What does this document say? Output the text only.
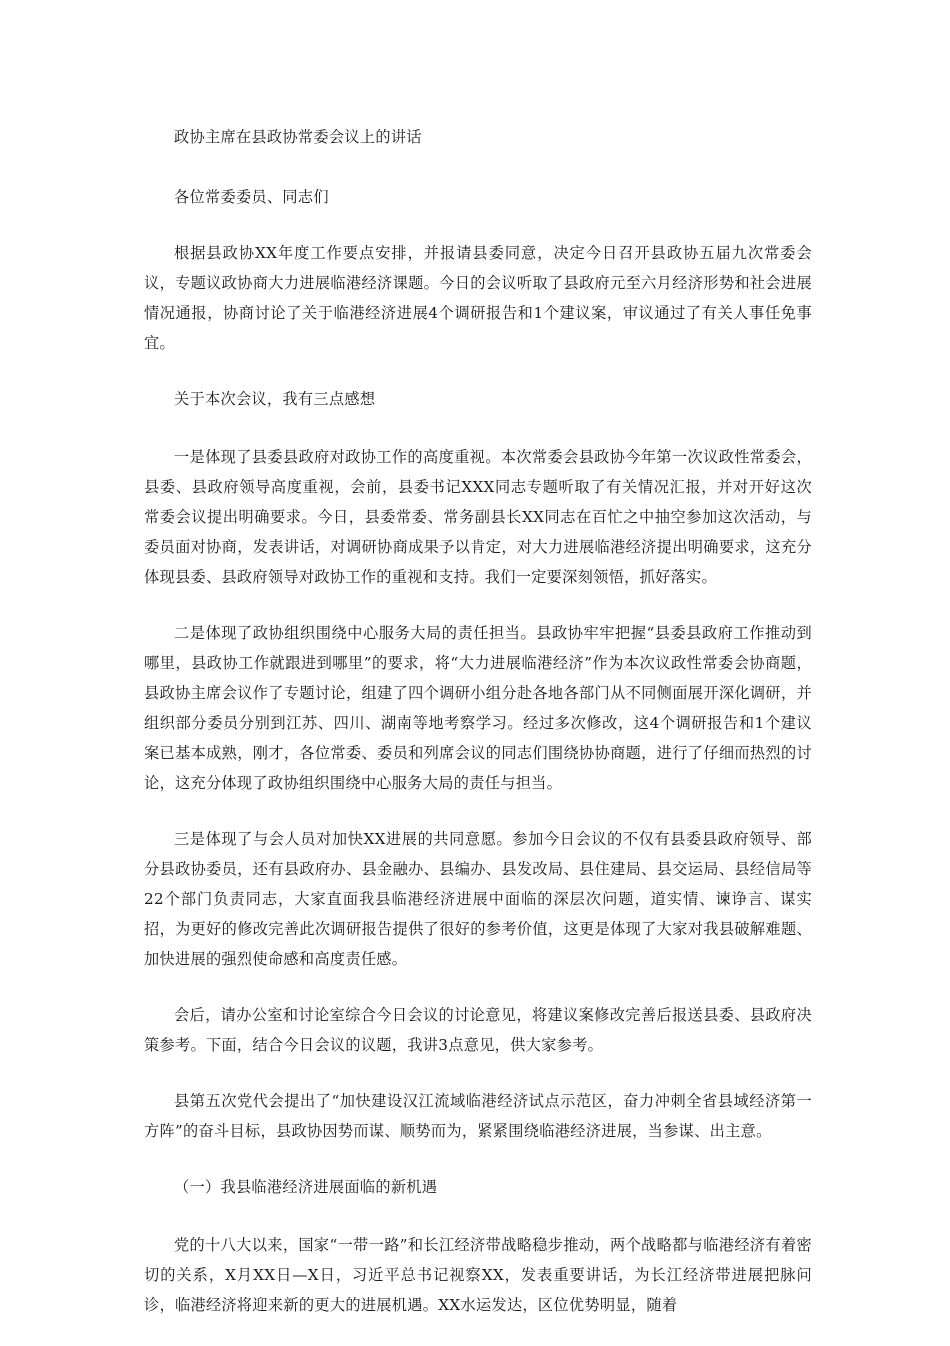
政协主席在县政协常委会议上的讲话

各位常委委员、同志们

根据县政协XX年度工作要点安排，并报请县委同意，决定今日召开县政协五届九次常委会议，专题议政协商大力进展临港经济课题。今日的会议听取了县政府元至六月经济形势和社会进展情况通报，协商讨论了关于临港经济进展4个调研报告和1个建议案，审议通过了有关人事任免事宜。

关于本次会议，我有三点感想

一是体现了县委县政府对政协工作的高度重视。本次常委会县政协今年第一次议政性常委会，县委、县政府领导高度重视，会前，县委书记XXX同志专题听取了有关情况汇报，并对开好这次常委会议提出明确要求。今日，县委常委、常务副县长XX同志在百忙之中抽空参加这次活动，与委员面对协商，发表讲话，对调研协商成果予以肯定，对大力进展临港经济提出明确要求，这充分体现县委、县政府领导对政协工作的重视和支持。我们一定要深刻领悟，抓好落实。

二是体现了政协组织围绕中心服务大局的责任担当。县政协牢牢把握“县委县政府工作推动到哪里，县政协工作就跟进到哪里”的要求，将“大力进展临港经济”作为本次议政性常委会协商题，县政协主席会议作了专题讨论，组建了四个调研小组分赴各地各部门从不同侧面展开深化调研，并组织部分委员分别到江苏、四川、湖南等地考察学习。经过多次修改，这4个调研报告和1个建议案已基本成熟，刚才，各位常委、委员和列席会议的同志们围绕协协商题，进行了仔细而热烈的讨论，这充分体现了政协组织围绕中心服务大局的责任与担当。

三是体现了与会人员对加快XX进展的共同意愿。参加今日会议的不仅有县委县政府领导、部分县政协委员，还有县政府办、县金融办、县编办、县发改局、县住建局、县交运局、县经信局等22个部门负责同志，大家直面我县临港经济进展中面临的深层次问题，道实情、谏诤言、谋实招，为更好的修改完善此次调研报告提供了很好的参考价值，这更是体现了大家对我县破解难题、加快进展的强烈使命感和高度责任感。

会后，请办公室和讨论室综合今日会议的讨论意见，将建议案修改完善后报送县委、县政府决策参考。下面，结合今日会议的议题，我讲3点意见，供大家参考。

县第五次党代会提出了“加快建设汉江流域临港经济试点示范区，奋力冲刺全省县域经济第一方阵”的奋斗目标，县政协因势而谋、顺势而为，紧紧围绕临港经济进展，当参谋、出主意。

（一）我县临港经济进展面临的新机遇

党的十八大以来，国家“一带一路”和长江经济带战略稳步推动，两个战略都与临港经济有着密切的关系，X月XX日—X日，习近平总书记视察XX，发表重要讲话，为长江经济带进展把脉问诊，临港经济将迎来新的更大的进展机遇。XX水运发达，区位优势明显，随着
